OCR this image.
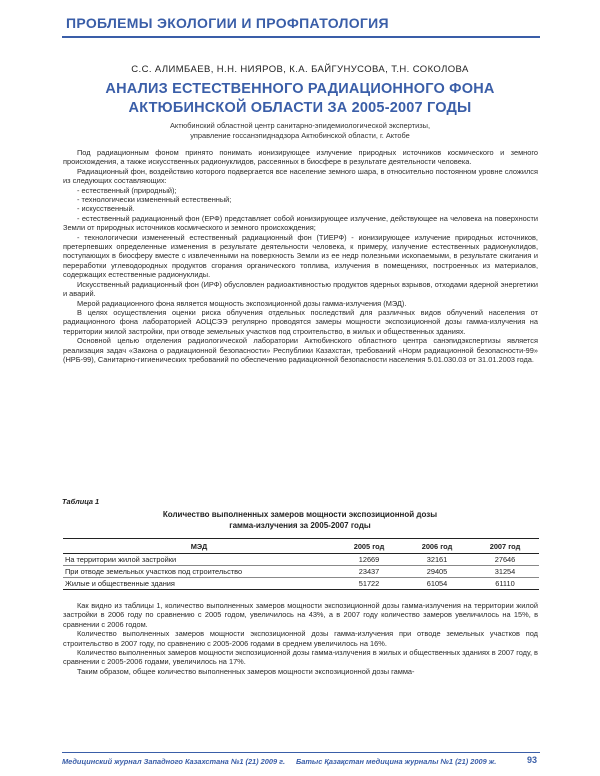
ПРОБЛЕМЫ ЭКОЛОГИИ И ПРОФПАТОЛОГИЯ
С.С. АЛИМБАЕВ, Н.Н. НИЯРОВ, К.А. БАЙГУНУСОВА, Т.Н. СОКОЛОВА
АНАЛИЗ ЕСТЕСТВЕННОГО РАДИАЦИОННОГО ФОНА
АКТЮБИНСКОЙ ОБЛАСТИ ЗА 2005-2007 ГОДЫ
Актюбинский областной центр санитарно-эпидемиологической экспертизы,
управление госсанэпиднадзора Актюбинской области, г. Актобе
Под радиационным фоном принято понимать ионизирующее излучение природных источников космического и земного происхождения, а также искусственных радионуклидов, рассеянных в биосфере в результате деятельности человека.
Радиационный фон, воздействию которого подвергается все население земного шара, в относительно постоянном уровне сложился из следующих составляющих:
- естественный (природный);
- технологически измененный естественный;
- искусственный.
- естественный радиационный фон (ЕРФ) представляет собой ионизирующее излучение, действующее на человека на поверхности Земли от природных источников космического и земного происхождения;
- технологически измененный естественный радиационный фон (ТИЕРФ) - ионизирующее излучение природных источников, претерпевших определенные изменения в результате деятельности человека, к примеру, излучение естественных радионуклидов, поступающих в биосферу вместе с извлеченными на поверхность Земли из ее недр полезными ископаемыми, в результате сжигания и переработки углеводородных продуктов сгорания органического топлива, излучения в помещениях, построенных из материалов, содержащих естественные радионуклиды.
Искусственный радиационный фон (ИРФ) обусловлен радиоактивностью продуктов ядерных взрывов, отходами ядерной энергетики и аварий.
Мерой радиационного фона является мощность экспозиционной дозы гамма-излучения (МЭД).
В целях осуществления оценки риска облучения отдельных последствий для различных видов облучений населения от радиационного фона лабораторией АОЦСЭЭ регулярно проводятся замеры мощности экспозиционной дозы гамма-излучения на территории жилой застройки, при отводе земельных участков под строительство, в жилых и общественных зданиях.
Основной целью отделения радиологической лаборатории Актюбинского областного центра санэпидэкспертизы является реализация задач «Закона о радиационной безопасности» Республики Казахстан, требований «Норм радиационной безопасности-99» (НРБ-99), Санитарно-гигиенических требований по обеспечению радиационной безопасности населения 5.01.030.03 от 31.01.2003 года.
Таблица 1
Количество выполненных замеров мощности экспозиционной дозы
гамма-излучения за 2005-2007 годы
МЭД	2005 год	2006 год	2007 год
На территории жилой застройки	12669	32161	27646
При отводе земельных участков под строительство	23437	29405	31254
Жилые и общественные здания	51722	61054	61110
Как видно из таблицы 1, количество выполненных замеров мощности экспозиционной дозы гамма-излучения на территории жилой застройки в 2006 году по сравнению с 2005 годом, увеличилось на 43%, а в 2007 году количество замеров увеличилось на 15%, в сравнении с 2006 годом.
Количество выполненных замеров мощности экспозиционной дозы гамма-излучения при отводе земельных участков под строительство в 2007 году, по сравнению с 2005-2006 годами в среднем увеличилось на 16%.
Количество выполненных замеров мощности экспозиционной дозы гамма-излучения в жилых и общественных зданиях в 2007 году, в сравнении с 2005-2006 годами, увеличилось на 17%.
Таким образом, общее количество выполненных замеров мощности экспозиционной дозы гамма-
Медицинский журнал Западного Казахстана №1 (21) 2009 г. Батыс Қазақстан медицина журналы №1 (21) 2009 ж.	93
